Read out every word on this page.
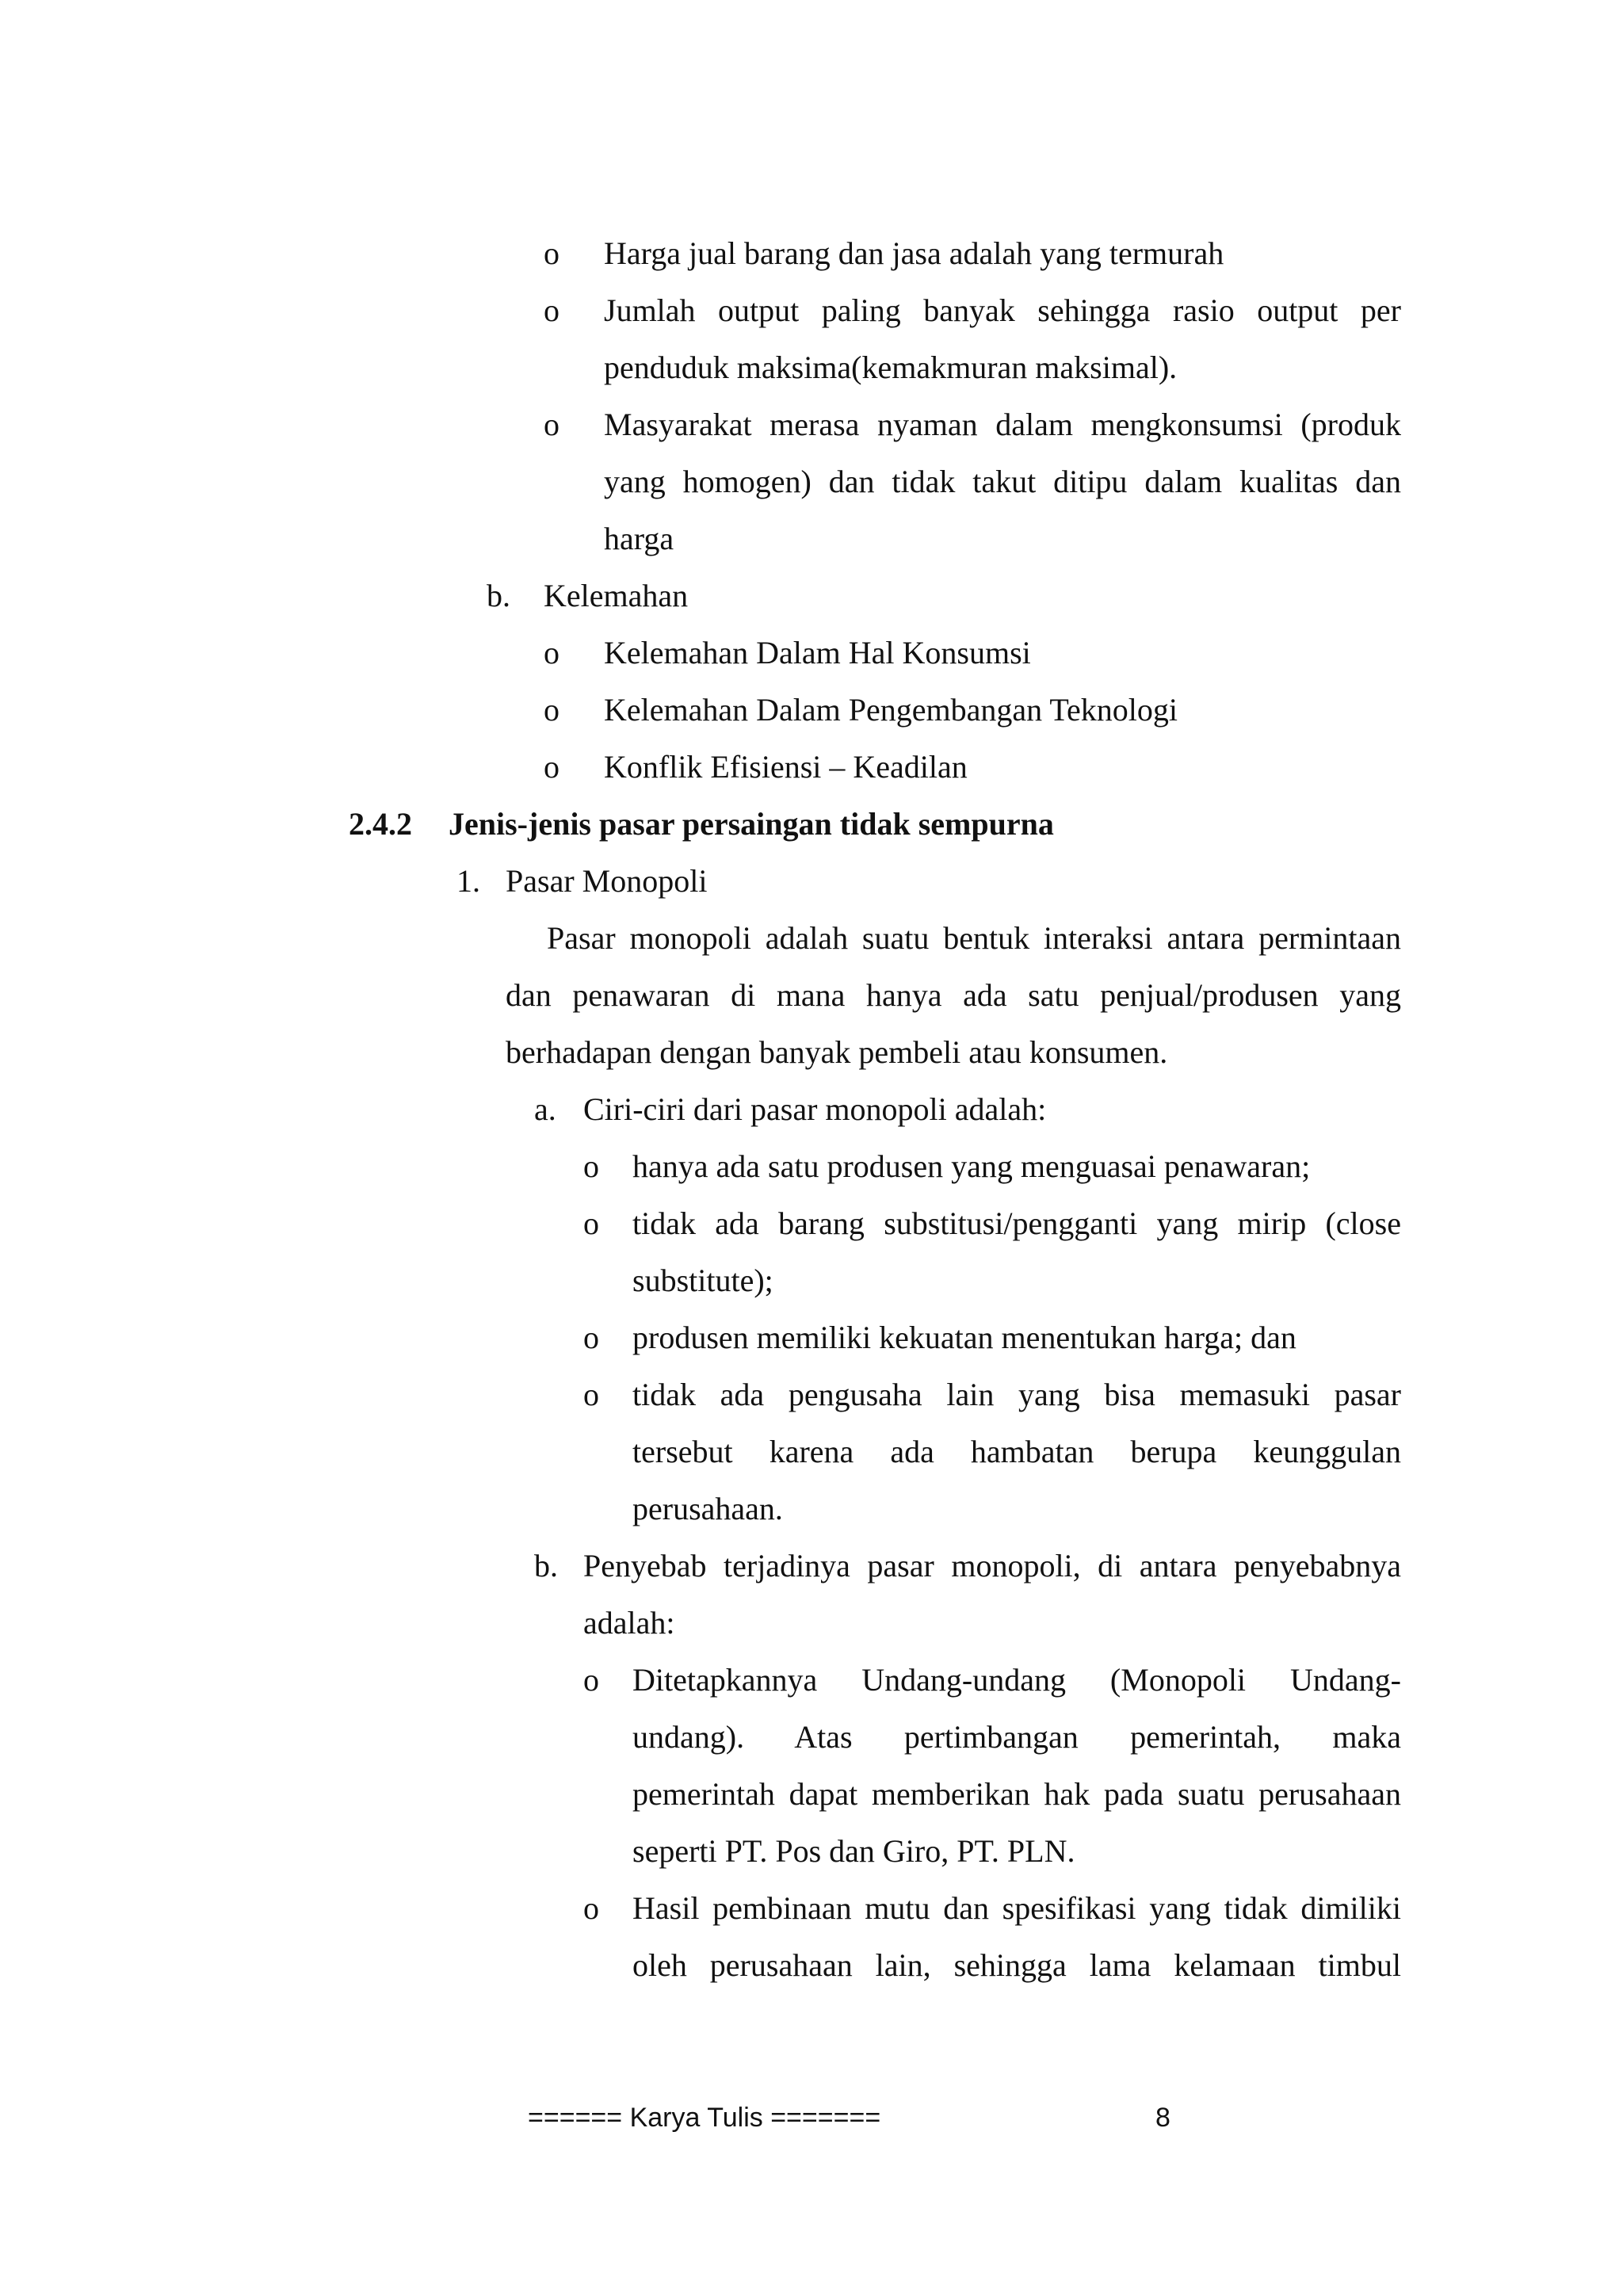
o Harga jual barang dan jasa adalah yang termurah
o Jumlah output paling banyak sehingga rasio output per
penduduk maksima(kemakmuran maksimal).
o Masyarakat merasa nyaman dalam mengkonsumsi (produk
yang homogen) dan tidak takut ditipu dalam kualitas dan
harga
b. Kelemahan
o Kelemahan Dalam Hal Konsumsi
o Kelemahan Dalam Pengembangan Teknologi
o Konflik Efisiensi – Keadilan
2.4.2 Jenis-jenis pasar persaingan tidak sempurna
1. Pasar Monopoli
Pasar monopoli adalah suatu bentuk interaksi antara permintaan
dan penawaran di mana hanya ada satu penjual/produsen yang
berhadapan dengan banyak pembeli atau konsumen.
a. Ciri-ciri dari pasar monopoli adalah:
o hanya ada satu produsen yang menguasai penawaran;
o tidak ada barang substitusi/pengganti yang mirip (close
substitute);
o produsen memiliki kekuatan menentukan harga; dan
o tidak ada pengusaha lain yang bisa memasuki pasar
tersebut karena ada hambatan berupa keunggulan
perusahaan.
b. Penyebab terjadinya pasar monopoli, di antara penyebabnya
adalah:
o Ditetapkannya Undang-undang (Monopoli Undang-
undang). Atas pertimbangan pemerintah, maka
pemerintah dapat memberikan hak pada suatu perusahaan
seperti PT. Pos dan Giro, PT. PLN.
o Hasil pembinaan mutu dan spesifikasi yang tidak dimiliki
oleh perusahaan lain, sehingga lama kelamaan timbul
====== Karya Tulis =======	8
